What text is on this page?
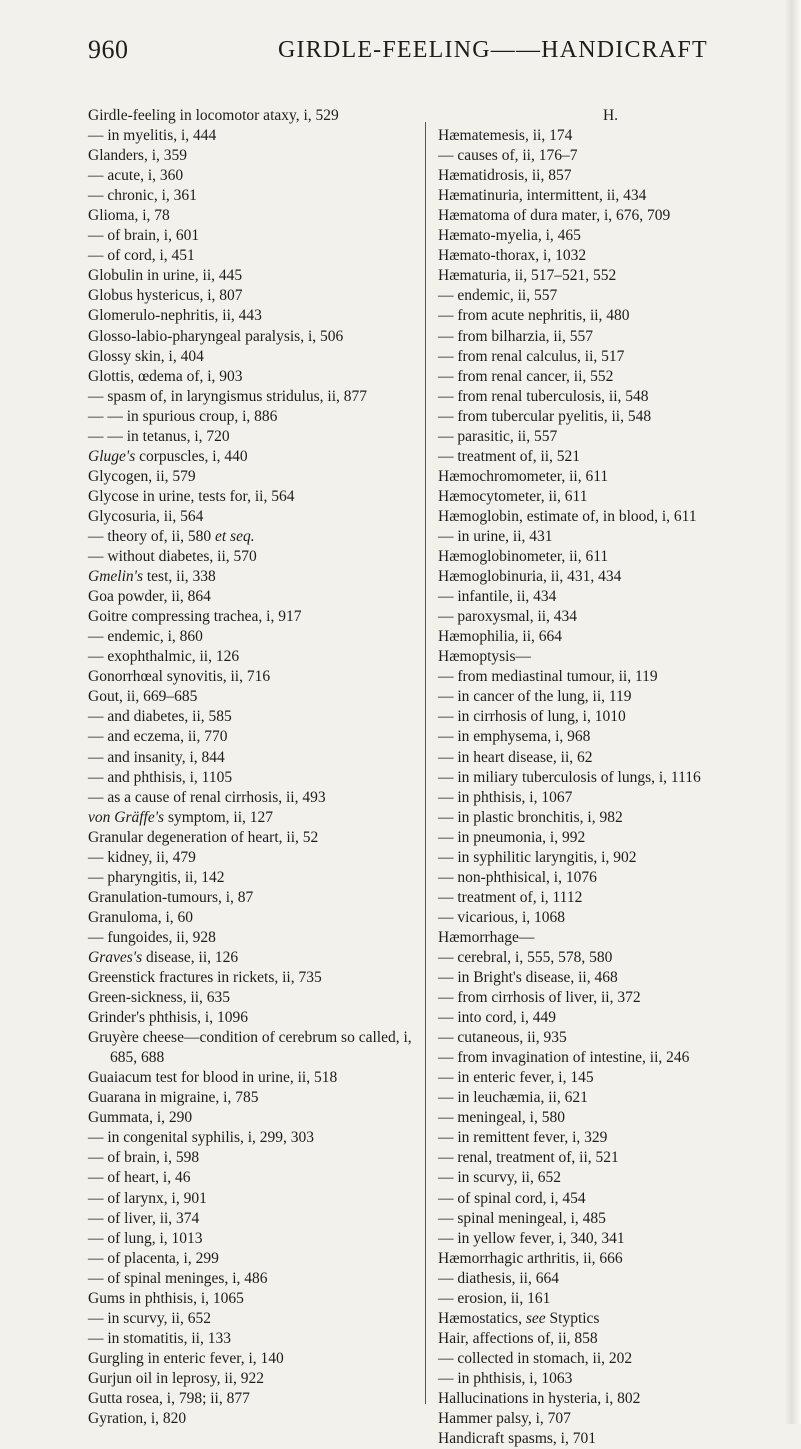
960	GIRDLE-FEELING——HANDICRAFT
Girdle-feeling in locomotor ataxy, i, 529
— in myelitis, i, 444
Glanders, i, 359
— acute, i, 360
— chronic, i, 361
Glioma, i, 78
— of brain, i, 601
— of cord, i, 451
Globulin in urine, ii, 445
Globus hystericus, i, 807
Glomerulo-nephritis, ii, 443
Glosso-labio-pharyngeal paralysis, i, 506
Glossy skin, i, 404
Glottis, œdema of, i, 903
— spasm of, in laryngismus stridulus, ii, 877
— — in spurious croup, i, 886
— — in tetanus, i, 720
Gluge's corpuscles, i, 440
Glycogen, ii, 579
Glycose in urine, tests for, ii, 564
Glycosuria, ii, 564
— theory of, ii, 580 et seq.
— without diabetes, ii, 570
Gmelin's test, ii, 338
Goa powder, ii, 864
Goitre compressing trachea, i, 917
— endemic, i, 860
— exophthalmic, ii, 126
Gonorrhœal synovitis, ii, 716
Gout, ii, 669–685
— and diabetes, ii, 585
— and eczema, ii, 770
— and insanity, i, 844
— and phthisis, i, 1105
— as a cause of renal cirrhosis, ii, 493
von Gräffe's symptom, ii, 127
Granular degeneration of heart, ii, 52
— kidney, ii, 479
— pharyngitis, ii, 142
Granulation-tumours, i, 87
Granuloma, i, 60
— fungoides, ii, 928
Graves's disease, ii, 126
Greenstick fractures in rickets, ii, 735
Green-sickness, ii, 635
Grinder's phthisis, i, 1096
Gruyère cheese—condition of cerebrum so called, i, 685, 688
Guaiacum test for blood in urine, ii, 518
Guarana in migraine, i, 785
Gummata, i, 290
— in congenital syphilis, i, 299, 303
— of brain, i, 598
— of heart, i, 46
— of larynx, i, 901
— of liver, ii, 374
— of lung, i, 1013
— of placenta, i, 299
— of spinal meninges, i, 486
Gums in phthisis, i, 1065
— in scurvy, ii, 652
— in stomatitis, ii, 133
Gurgling in enteric fever, i, 140
Gurjun oil in leprosy, ii, 922
Gutta rosea, i, 798; ii, 877
Gyration, i, 820
H.
Hæmatemesis, ii, 174
— causes of, ii, 176–7
Hæmatidrosis, ii, 857
Hæmatinuria, intermittent, ii, 434
Hæmatoma of dura mater, i, 676, 709
Hæmato-myelia, i, 465
Hæmato-thorax, i, 1032
Hæmaturia, ii, 517–521, 552
— endemic, ii, 557
— from acute nephritis, ii, 480
— from bilharzia, ii, 557
— from renal calculus, ii, 517
— from renal cancer, ii, 552
— from renal tuberculosis, ii, 548
— from tubercular pyelitis, ii, 548
— parasitic, ii, 557
— treatment of, ii, 521
Hæmochromometer, ii, 611
Hæmocytometer, ii, 611
Hæmoglobin, estimate of, in blood, i, 611
— in urine, ii, 431
Hæmoglobinometer, ii, 611
Hæmoglobinuria, ii, 431, 434
— infantile, ii, 434
— paroxysmal, ii, 434
Hæmophilia, ii, 664
Hæmoptysis—
— from mediastinal tumour, ii, 119
— in cancer of the lung, ii, 119
— in cirrhosis of lung, i, 1010
— in emphysema, i, 968
— in heart disease, ii, 62
— in miliary tuberculosis of lungs, i, 1116
— in phthisis, i, 1067
— in plastic bronchitis, i, 982
— in pneumonia, i, 992
— in syphilitic laryngitis, i, 902
— non-phthisical, i, 1076
— treatment of, i, 1112
— vicarious, i, 1068
Hæmorrhage—
— cerebral, i, 555, 578, 580
— in Bright's disease, ii, 468
— from cirrhosis of liver, ii, 372
— into cord, i, 449
— cutaneous, ii, 935
— from invagination of intestine, ii, 246
— in enteric fever, i, 145
— in leuchæmia, ii, 621
— meningeal, i, 580
— in remittent fever, i, 329
— renal, treatment of, ii, 521
— in scurvy, ii, 652
— of spinal cord, i, 454
— spinal meningeal, i, 485
— in yellow fever, i, 340, 341
Hæmorrhagic arthritis, ii, 666
— diathesis, ii, 664
— erosion, ii, 161
Hæmostatics, see Styptics
Hair, affections of, ii, 858
— collected in stomach, ii, 202
— in phthisis, i, 1063
Hallucinations in hysteria, i, 802
Hammer palsy, i, 707
Handicraft spasms, i, 701
